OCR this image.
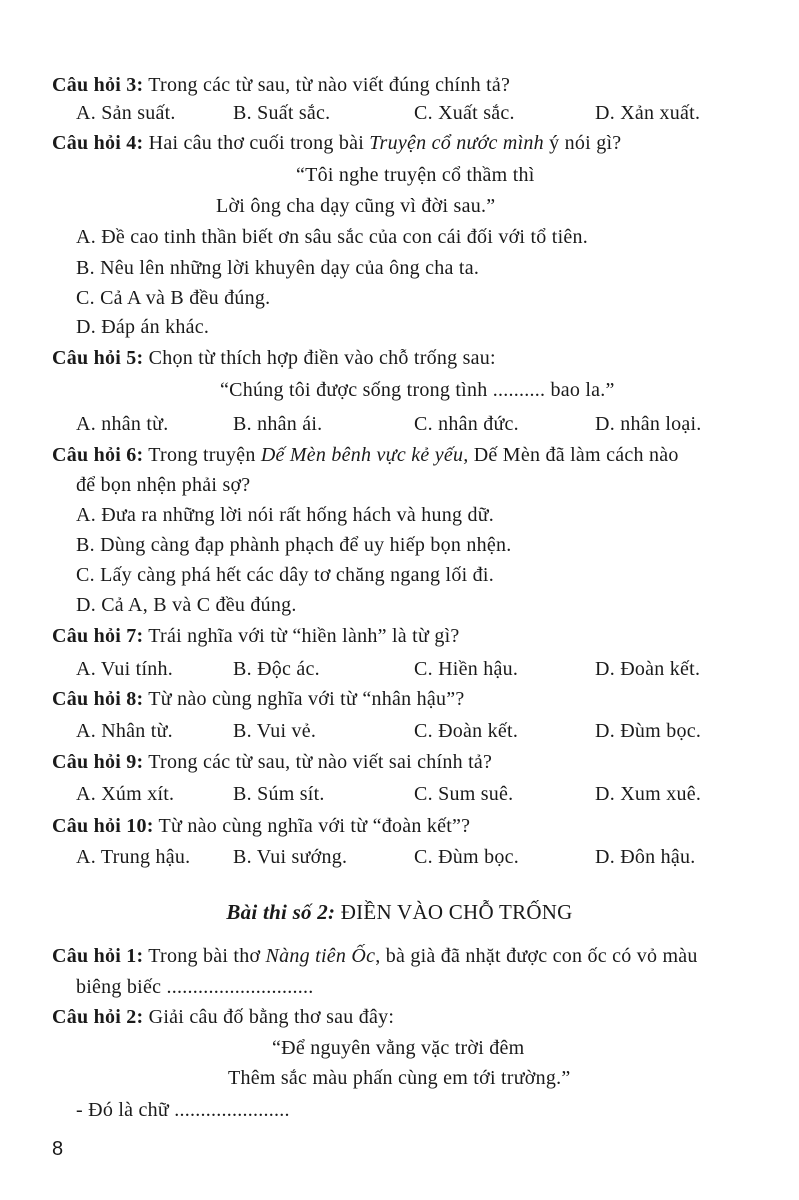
Câu hỏi 3: Trong các từ sau, từ nào viết đúng chính tả?
A. Sản suất.	B. Suất sắc.	C. Xuất sắc.	D. Xản xuất.
Câu hỏi 4: Hai câu thơ cuối trong bài Truyện cổ nước mình ý nói gì?
“Tôi nghe truyện cổ thầm thì
Lời ông cha dạy cũng vì đời sau.”
A. Đề cao tinh thần biết ơn sâu sắc của con cái đối với tổ tiên.
B. Nêu lên những lời khuyên dạy của ông cha ta.
C. Cả A và B đều đúng.
D. Đáp án khác.
Câu hỏi 5: Chọn từ thích hợp điền vào chỗ trống sau:
“Chúng tôi được sống trong tình .......... bao la.”
A. nhân từ.	B. nhân ái.	C. nhân đức.	D. nhân loại.
Câu hỏi 6: Trong truyện Dế Mèn bênh vực kẻ yếu, Dế Mèn đã làm cách nào
để bọn nhện phải sợ?
A. Đưa ra những lời nói rất hống hách và hung dữ.
B. Dùng càng đạp phành phạch để uy hiếp bọn nhện.
C. Lấy càng phá hết các dây tơ chăng ngang lối đi.
D. Cả A, B và C đều đúng.
Câu hỏi 7: Trái nghĩa với từ “hiền lành” là từ gì?
A. Vui tính.	B. Độc ác.	C. Hiền hậu.	D. Đoàn kết.
Câu hỏi 8: Từ nào cùng nghĩa với từ “nhân hậu”?
A. Nhân từ.	B. Vui vẻ.	C. Đoàn kết.	D. Đùm bọc.
Câu hỏi 9: Trong các từ sau, từ nào viết sai chính tả?
A. Xúm xít.	B. Súm sít.	C. Sum suê.	D. Xum xuê.
Câu hỏi 10: Từ nào cùng nghĩa với từ “đoàn kết”?
A. Trung hậu. B. Vui sướng.	C. Đùm bọc.	D. Đôn hậu.
Bài thi số 2: ĐIỀN VÀO CHỖ TRỐNG
Câu hỏi 1: Trong bài thơ Nàng tiên Ốc, bà già đã nhặt được con ốc có vỏ màu
biêng biếc ............................
Câu hỏi 2: Giải câu đố bằng thơ sau đây:
“Để nguyên vằng vặc trời đêm
Thêm sắc màu phấn cùng em tới trường.”
- Đó là chữ ......................
8
